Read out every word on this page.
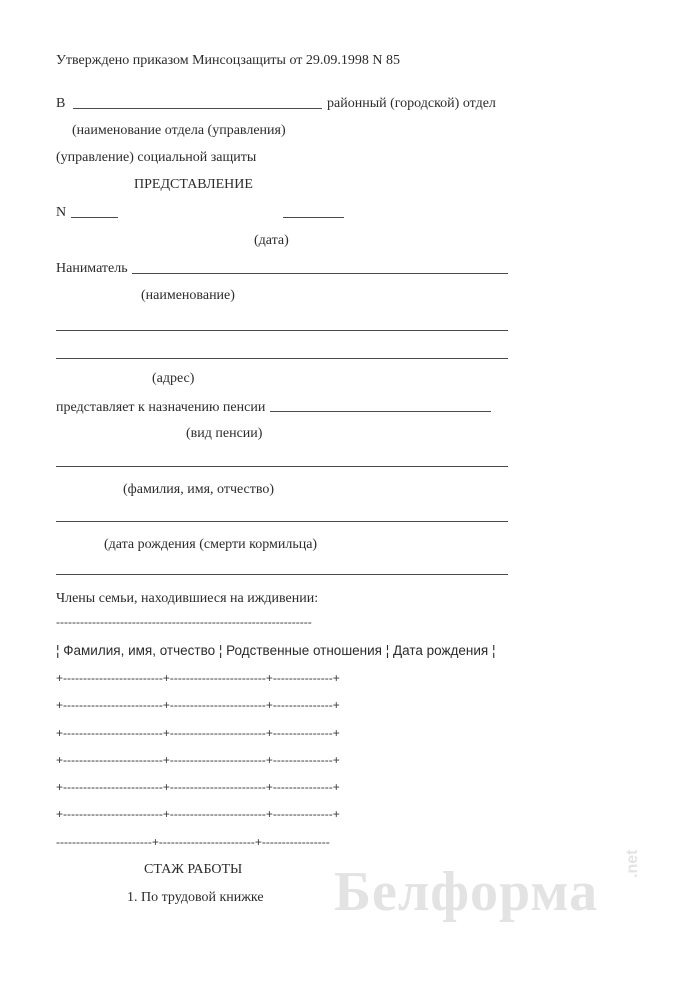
Утверждено приказом Минсоцзащиты от 29.09.1998 N 85
В	районный (городской) отдел
(наименование отдела (управления)
(управление) социальной защиты
ПРЕДСТАВЛЕНИЕ
N
(дата)
Наниматель
(наименование)
(адрес)
представляет к назначению пенсии
(вид пенсии)
(фамилия, имя, отчество)
(дата рождения (смерти кормильца)
Члены семьи, находившиеся на иждивении:
----------------------------------------------------------------
¦ Фамилия, имя, отчество ¦ Родственные отношения ¦ Дата рождения ¦
+-------------------------+------------------------+---------------+
+-------------------------+------------------------+---------------+
+-------------------------+------------------------+---------------+
+-------------------------+------------------------+---------------+
+-------------------------+------------------------+---------------+
+-------------------------+------------------------+---------------+
------------------------+------------------------+-----------------
СТАЖ РАБОТЫ
1. По трудовой книжке Белформа .net
